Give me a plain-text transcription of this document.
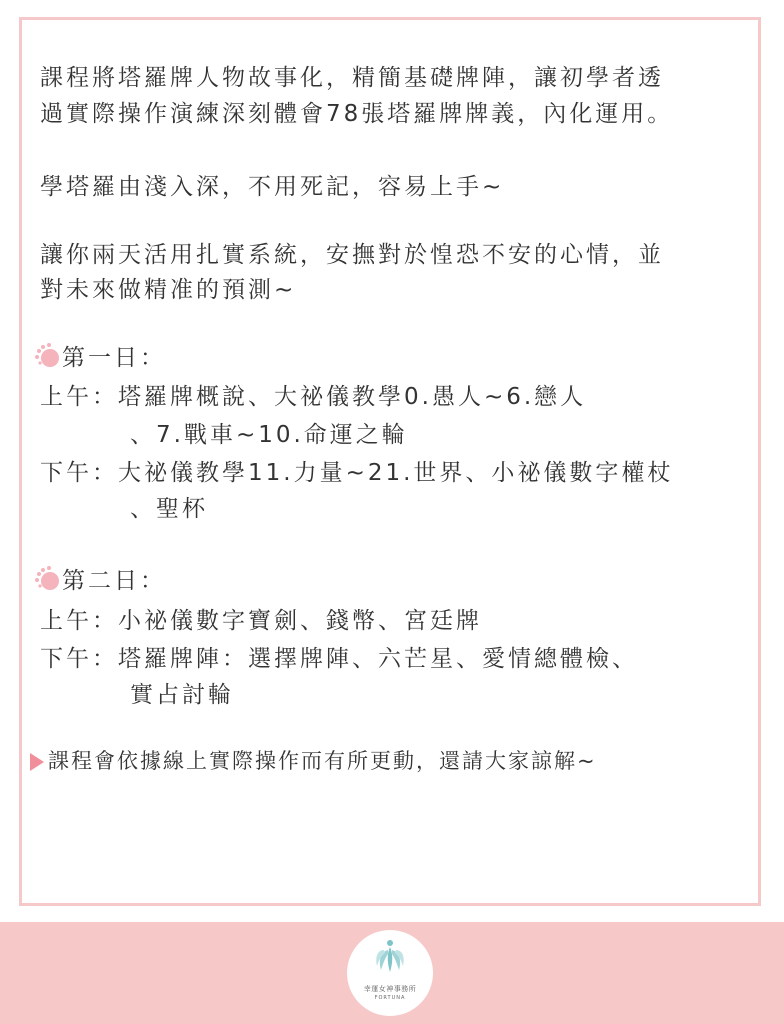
課程將塔羅牌人物故事化，精簡基礎牌陣，讓初學者透
過實際操作演練深刻體會78張塔羅牌牌義，內化運用。
學塔羅由淺入深，不用死記，容易上手~
讓你兩天活用扎實系統，安撫對於惶恐不安的心情，並
對未來做精准的預測~
第一日：
上午：塔羅牌概說、大祕儀教學0.愚人~6.戀人
、7.戰車~10.命運之輪
下午：大祕儀教學11.力量~21.世界、小祕儀數字權杖
、聖杯
第二日：
上午：小祕儀數字寶劍、錢幣、宮廷牌
下午：塔羅牌陣：選擇牌陣、六芒星、愛情總體檢、
實占討輪
課程會依據線上實際操作而有所更動，還請大家諒解~
幸運女神事務所
FORTUNA
